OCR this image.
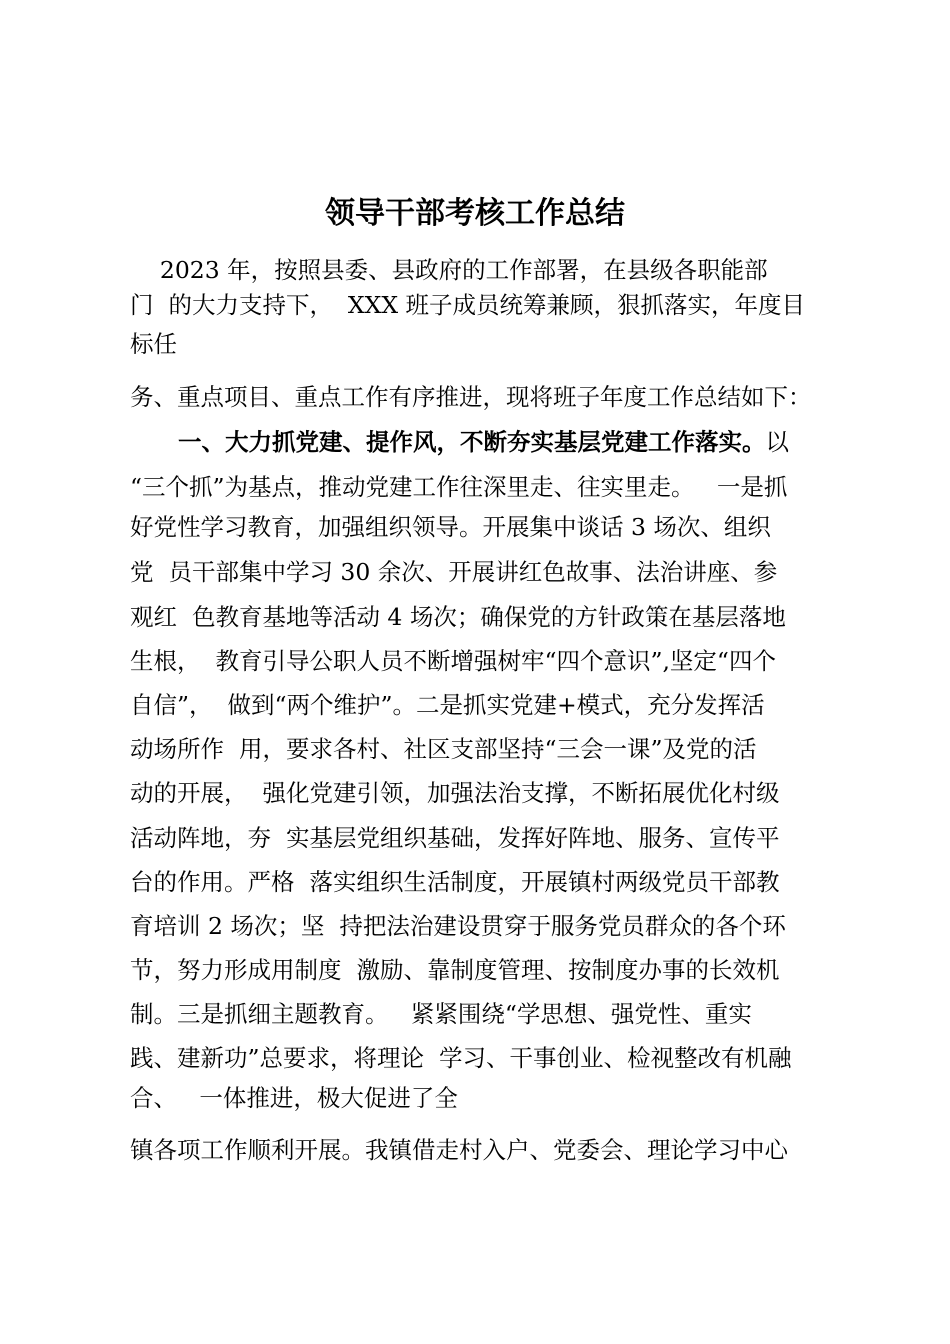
领导干部考核工作总结

2023 年，按照县委、县政府的工作部署，在县级各职能部

门  的大力支持下，  XXX 班子成员统筹兼顾，狠抓落实，年度目

标任

务、重点项目、重点工作有序推进，现将班子年度工作总结如下：

一、大力抓党建、提作风，不断夯实基层党建工作落实。以

“三个抓”为基点，推动党建工作往深里走、往实里走。   一是抓

好党性学习教育，加强组织领导。开展集中谈话 3 场次、组织

党  员干部集中学习 30 余次、开展讲红色故事、法治讲座、参

观红  色教育基地等活动 4 场次；确保党的方针政策在基层落地

生根，  教育引导公职人员不断增强树牢“四个意识”,坚定“四个

自信”，  做到“两个维护”。二是抓实党建+模式，充分发挥活

动场所作  用，要求各村、社区支部坚持“三会一课”及党的活

动的开展，  强化党建引领，加强法治支撑，不断拓展优化村级

活动阵地，夯  实基层党组织基础，发挥好阵地、服务、宣传平

台的作用。严格  落实组织生活制度，开展镇村两级党员干部教

育培训 2 场次；坚  持把法治建设贯穿于服务党员群众的各个环

节，努力形成用制度  激励、靠制度管理、按制度办事的长效机

制。三是抓细主题教育。   紧紧围绕“学思想、强党性、重实

践、建新功”总要求，将理论  学习、干事创业、检视整改有机融

合、   一体推进，极大促进了全

镇各项工作顺利开展。我镇借走村入户、党委会、理论学习中心
